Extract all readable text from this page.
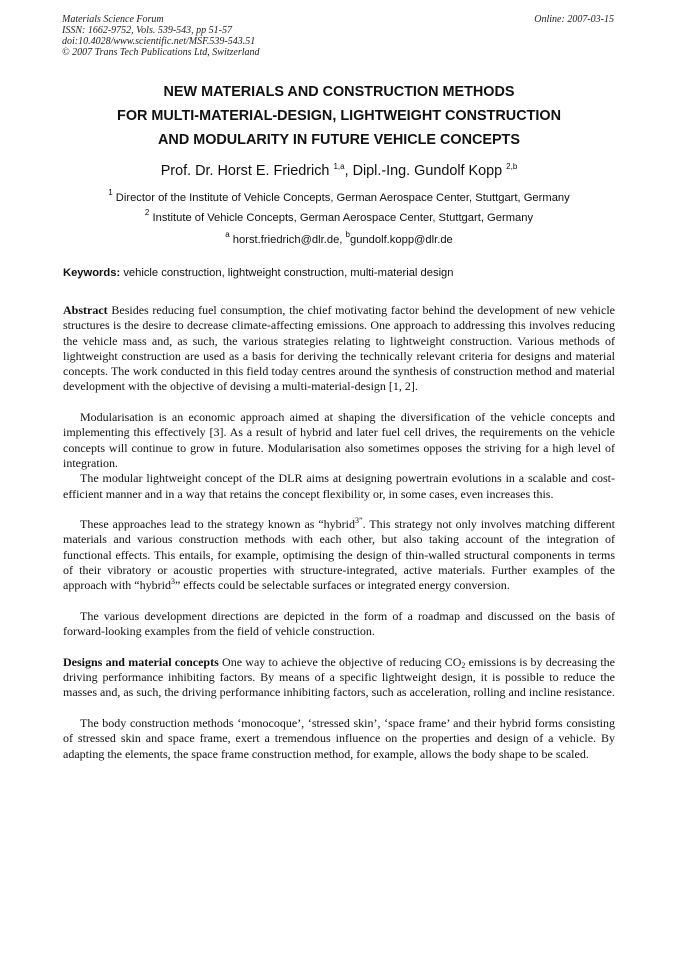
Materials Science Forum
ISSN: 1662-9752, Vols. 539-543, pp 51-57
doi:10.4028/www.scientific.net/MSF.539-543.51
© 2007 Trans Tech Publications Ltd, Switzerland
Online: 2007-03-15
NEW MATERIALS AND CONSTRUCTION METHODS
FOR MULTI-MATERIAL-DESIGN, LIGHTWEIGHT CONSTRUCTION
AND MODULARITY IN FUTURE VEHICLE CONCEPTS
Prof. Dr. Horst E. Friedrich $^{1,a}$, Dipl.-Ing. Gundolf Kopp $^{2,b}$
$^1$ Director of the Institute of Vehicle Concepts, German Aerospace Center, Stuttgart, Germany
$^2$ Institute of Vehicle Concepts, German Aerospace Center, Stuttgart, Germany
$^a$ horst.friedrich@dlr.de, $^b$gundolf.kopp@dlr.de
Keywords: vehicle construction, lightweight construction, multi-material design

Abstract Besides reducing fuel consumption, the chief motivating factor behind the development of new vehicle structures is the desire to decrease climate-affecting emissions. One approach to addressing this involves reducing the vehicle mass and, as such, the various strategies relating to lightweight construction. Various methods of lightweight construction are used as a basis for deriving the technically relevant criteria for designs and material concepts. The work conducted in this field today centres around the synthesis of construction method and material development with the objective of devising a multi-material-design [1, 2].

Modularisation is an economic approach aimed at shaping the diversification of the vehicle concepts and implementing this effectively [3]. As a result of hybrid and later fuel cell drives, the requirements on the vehicle concepts will continue to grow in future. Modularisation also sometimes opposes the striving for a high level of integration.

The modular lightweight concept of the DLR aims at designing powertrain evolutions in a scalable and cost-efficient manner and in a way that retains the concept flexibility or, in some cases, even increases this.

These approaches lead to the strategy known as “hybrid$^{3”}$. This strategy not only involves matching different materials and various construction methods with each other, but also taking account of the integration of functional effects. This entails, for example, optimising the design of thin-walled structural components in terms of their vibratory or acoustic properties with structure-integrated, active materials. Further examples of the approach with “hybrid$^3$” effects could be selectable surfaces or integrated energy conversion.

The various development directions are depicted in the form of a roadmap and discussed on the basis of forward-looking examples from the field of vehicle construction.

Designs and material concepts One way to achieve the objective of reducing $CO_2$ emissions is by decreasing the driving performance inhibiting factors. By means of a specific lightweight design, it is possible to reduce the masses and, as such, the driving performance inhibiting factors, such as acceleration, rolling and incline resistance.

The body construction methods ‘monocoque’, ‘stressed skin’, ‘space frame’ and their hybrid forms consisting of stressed skin and space frame, exert a tremendous influence on the properties and design of a vehicle. By adapting the elements, the space frame construction method, for example, allows the body shape to be scaled.
